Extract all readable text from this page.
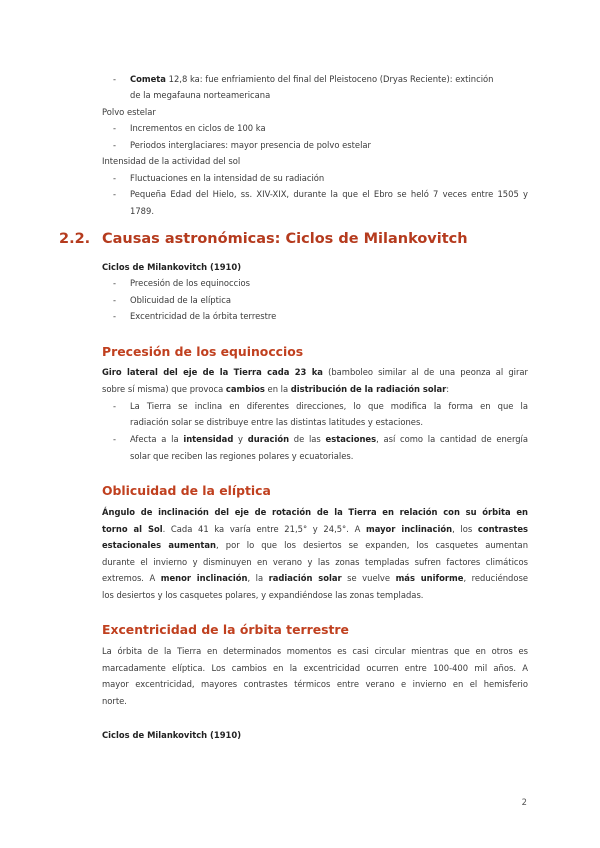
- Cometa 12,8 ka: fue enfriamiento del final del Pleistoceno (Dryas Reciente): extinción
de la megafauna norteamericana
Polvo estelar
- Incrementos en ciclos de 100 ka
- Periodos interglaciares: mayor presencia de polvo estelar
Intensidad de la actividad del sol
- Fluctuaciones en la intensidad de su radiación
- Pequeña Edad del Hielo, ss. XIV-XIX, durante la que el Ebro se heló 7 veces entre 1505 y
1789.
2.2. Causas astronómicas: Ciclos de Milankovitch
Ciclos de Milankovitch (1910)
- Precesión de los equinoccios
- Oblicuidad de la elíptica
- Excentricidad de la órbita terrestre
Precesión de los equinoccios
Giro lateral del eje de la Tierra cada 23 ka (bamboleo similar al de una peonza al girar
sobre sí misma) que provoca cambios en la distribución de la radiación solar:
- La Tierra se inclina en diferentes direcciones, lo que modifica la forma en que la
radiación solar se distribuye entre las distintas latitudes y estaciones.
- Afecta a la intensidad y duración de las estaciones, así como la cantidad de energía
solar que reciben las regiones polares y ecuatoriales.
Oblicuidad de la elíptica
Ángulo de inclinación del eje de rotación de la Tierra en relación con su órbita en
torno al Sol. Cada 41 ka varía entre 21,5° y 24,5°. A mayor inclinación, los contrastes
estacionales aumentan, por lo que los desiertos se expanden, los casquetes aumentan
durante el invierno y disminuyen en verano y las zonas templadas sufren factores climáticos
extremos. A menor inclinación, la radiación solar se vuelve más uniforme, reduciéndose
los desiertos y los casquetes polares, y expandiéndose las zonas templadas.
Excentricidad de la órbita terrestre
La órbita de la Tierra en determinados momentos es casi circular mientras que en otros es
marcadamente elíptica. Los cambios en la excentricidad ocurren entre 100-400 mil años. A
mayor excentricidad, mayores contrastes térmicos entre verano e invierno en el hemisferio
norte.
Ciclos de Milankovitch (1910)
2
